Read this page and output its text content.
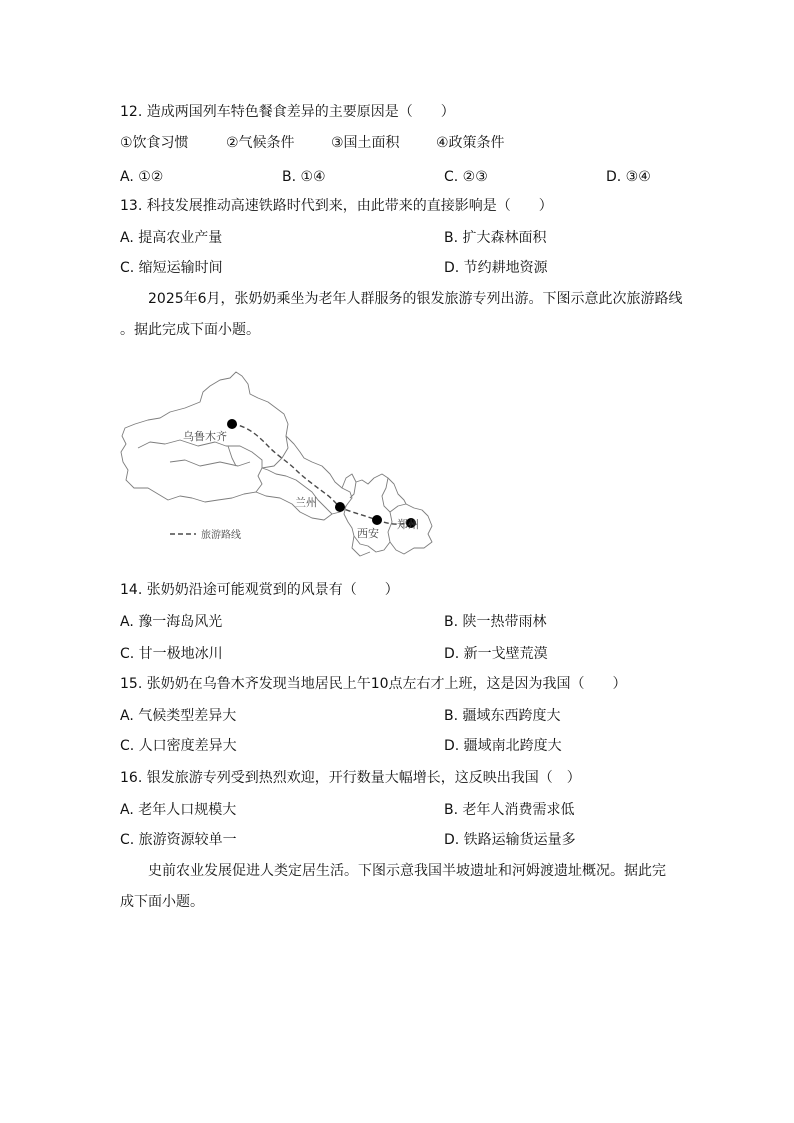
12. 造成两国列车特色餐食差异的主要原因是（　　）
①饮食习惯	②气候条件	③国土面积	④政策条件
A. ①②	B. ①④	C. ②③	D. ③④
13. 科技发展推动高速铁路时代到来，由此带来的直接影响是（　　）
A. 提高农业产量	B. 扩大森林面积
C. 缩短运输时间	D. 节约耕地资源
2025年6月，张奶奶乘坐为老年人群服务的银发旅游专列出游。下图示意此次旅游路线
。据此完成下面小题。
乌鲁木齐
兰州
西安
郑州
旅游路线
14. 张奶奶沿途可能观赏到的风景有（　　）
A. 豫一海岛风光	B. 陕一热带雨林
C. 甘一极地冰川	D. 新一戈壁荒漠
15. 张奶奶在乌鲁木齐发现当地居民上午10点左右才上班，这是因为我国（　　）
A. 气候类型差异大	B. 疆域东西跨度大
C. 人口密度差异大	D. 疆域南北跨度大
16. 银发旅游专列受到热烈欢迎，开行数量大幅增长，这反映出我国（　）
A. 老年人口规模大	B. 老年人消费需求低
C. 旅游资源较单一	D. 铁路运输货运量多
史前农业发展促进人类定居生活。下图示意我国半坡遗址和河姆渡遗址概况。据此完
成下面小题。
